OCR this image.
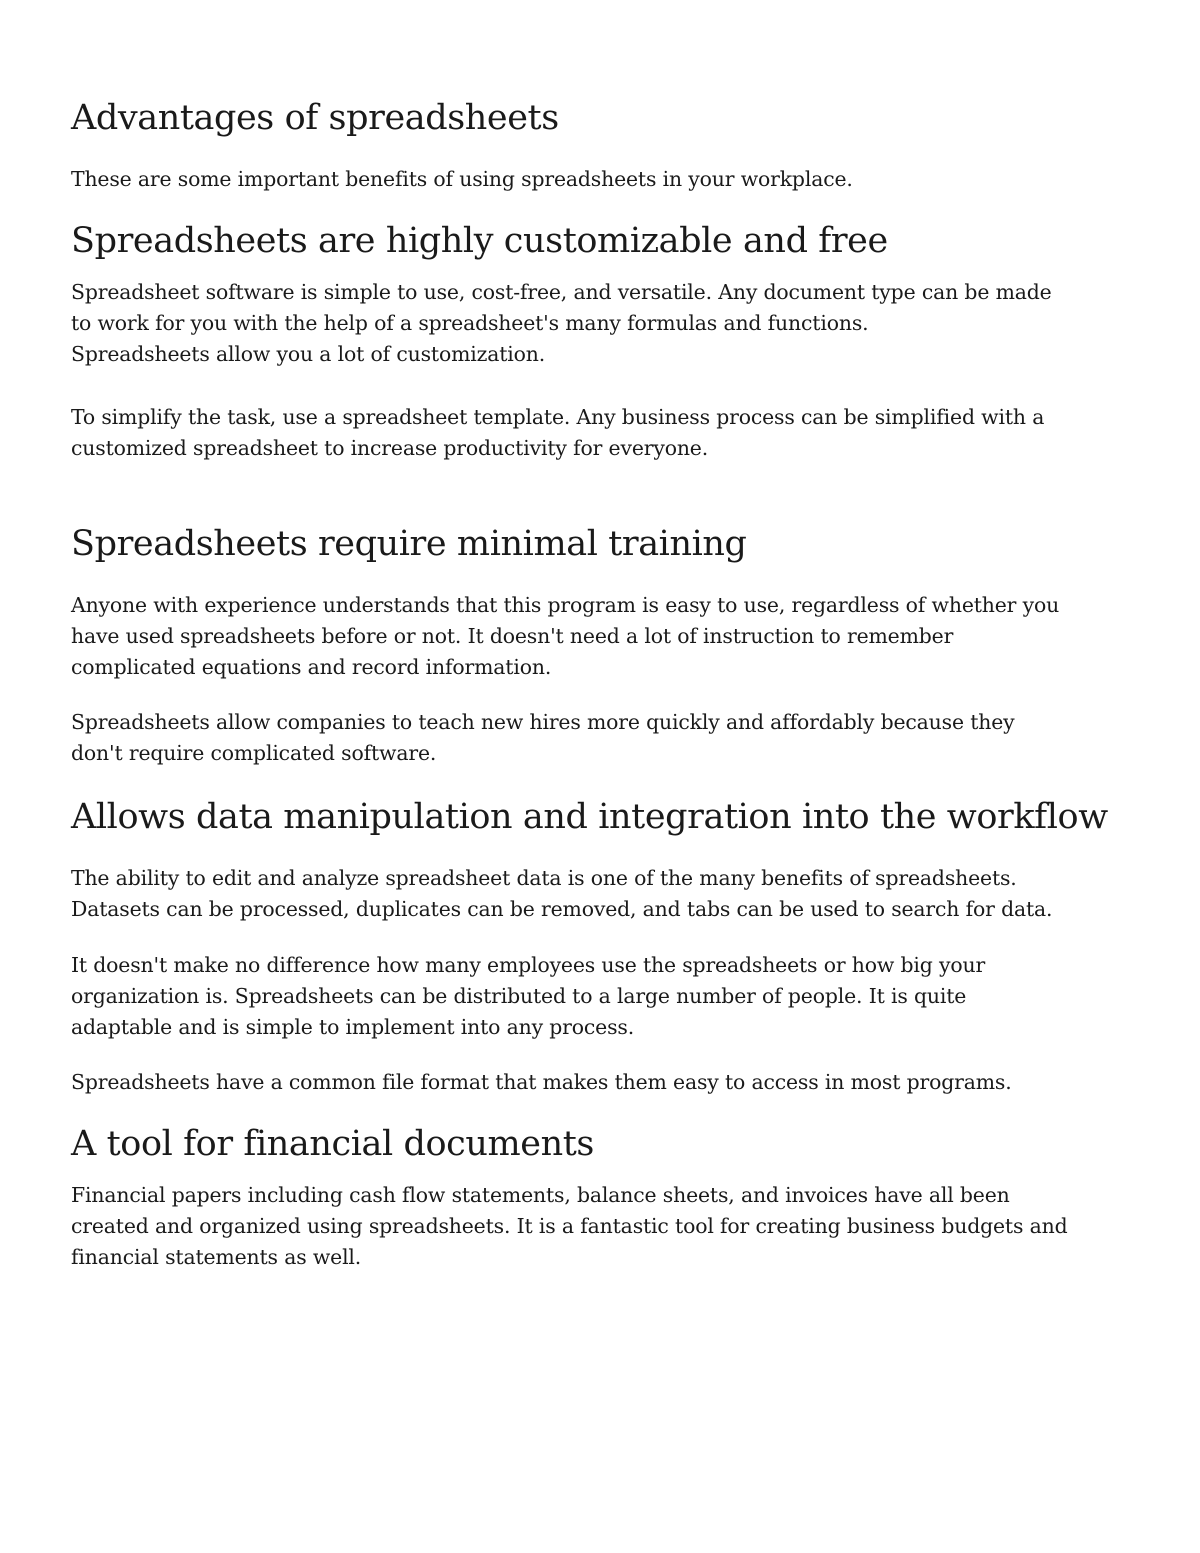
Advantages of spreadsheets

These are some important benefits of using spreadsheets in your workplace.

Spreadsheets are highly customizable and free

Spreadsheet software is simple to use, cost-free, and versatile. Any document type can be made
to work for you with the help of a spreadsheet's many formulas and functions.
Spreadsheets allow you a lot of customization.

To simplify the task, use a spreadsheet template. Any business process can be simplified with a
customized spreadsheet to increase productivity for everyone.

Spreadsheets require minimal training

Anyone with experience understands that this program is easy to use, regardless of whether you
have used spreadsheets before or not. It doesn't need a lot of instruction to remember
complicated equations and record information.

Spreadsheets allow companies to teach new hires more quickly and affordably because they
don't require complicated software.

Allows data manipulation and integration into the workflow

The ability to edit and analyze spreadsheet data is one of the many benefits of spreadsheets.
Datasets can be processed, duplicates can be removed, and tabs can be used to search for data.

It doesn't make no difference how many employees use the spreadsheets or how big your
organization is. Spreadsheets can be distributed to a large number of people. It is quite
adaptable and is simple to implement into any process.

Spreadsheets have a common file format that makes them easy to access in most programs.

A tool for financial documents

Financial papers including cash flow statements, balance sheets, and invoices have all been
created and organized using spreadsheets. It is a fantastic tool for creating business budgets and
financial statements as well.
